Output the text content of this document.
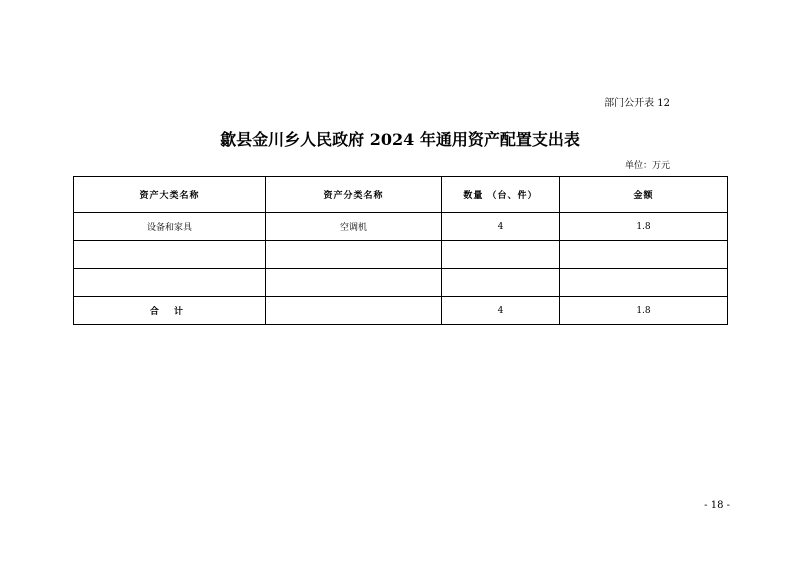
部门公开表 12
歙县金川乡人民政府 2024 年通用资产配置支出表
单位：万元
资产大类名称	资产分类名称	数量 （台、件）	金额
设备和家具	空调机	4	1.8

合 计		4	1.8
- 18 -
